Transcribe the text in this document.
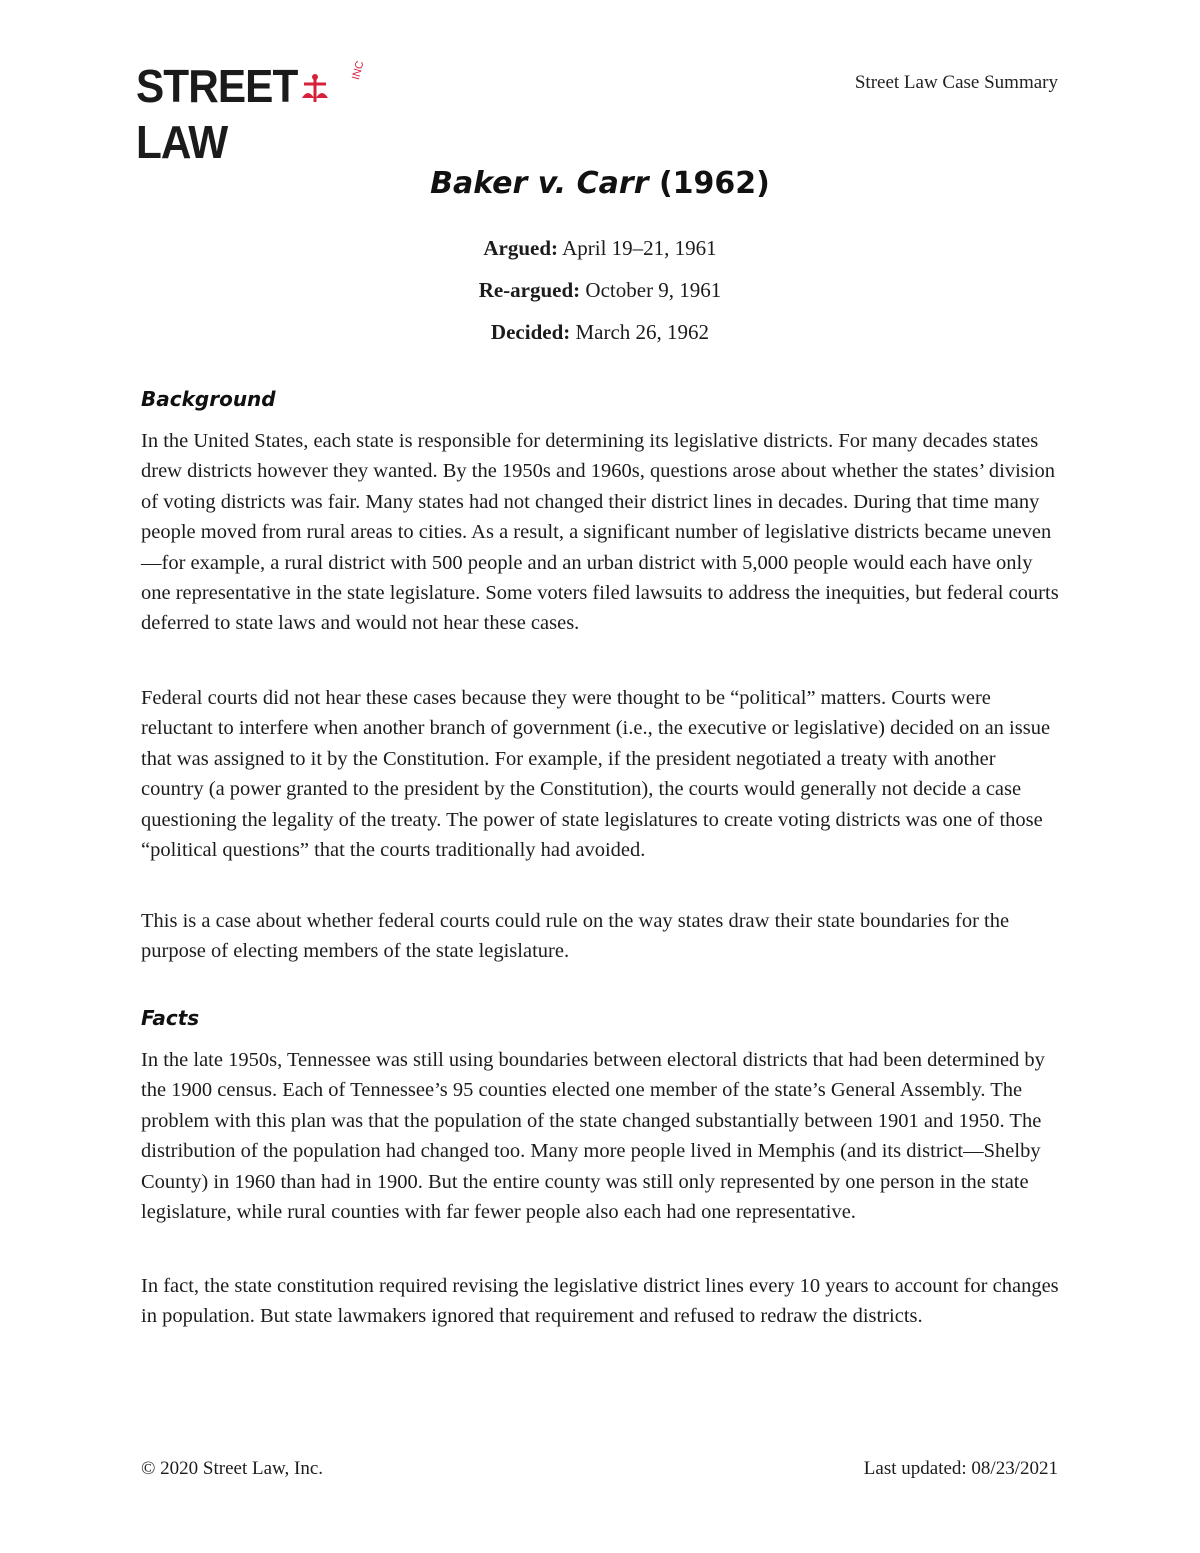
STREET LAW
INC
Street Law Case Summary
Baker v. Carr (1962)
Argued: April 19–21, 1961
Re-argued: October 9, 1961
Decided: March 26, 1962
Background

In the United States, each state is responsible for determining its legislative districts. For many decades states drew districts however they wanted. By the 1950s and 1960s, questions arose about whether the states’ division of voting districts was fair. Many states had not changed their district lines in decades. During that time many people moved from rural areas to cities. As a result, a significant number of legislative districts became uneven—for example, a rural district with 500 people and an urban district with 5,000 people would each have only one representative in the state legislature. Some voters filed lawsuits to address the inequities, but federal courts deferred to state laws and would not hear these cases.

Federal courts did not hear these cases because they were thought to be “political” matters. Courts were reluctant to interfere when another branch of government (i.e., the executive or legislative) decided on an issue that was assigned to it by the Constitution. For example, if the president negotiated a treaty with another country (a power granted to the president by the Constitution), the courts would generally not decide a case questioning the legality of the treaty. The power of state legislatures to create voting districts was one of those “political questions” that the courts traditionally had avoided.

This is a case about whether federal courts could rule on the way states draw their state boundaries for the purpose of electing members of the state legislature.

Facts

In the late 1950s, Tennessee was still using boundaries between electoral districts that had been determined by the 1900 census. Each of Tennessee’s 95 counties elected one member of the state’s General Assembly. The problem with this plan was that the population of the state changed substantially between 1901 and 1950. The distribution of the population had changed too. Many more people lived in Memphis (and its district—Shelby County) in 1960 than had in 1900. But the entire county was still only represented by one person in the state legislature, while rural counties with far fewer people also each had one representative.

In fact, the state constitution required revising the legislative district lines every 10 years to account for changes in population. But state lawmakers ignored that requirement and refused to redraw the districts.

© 2020 Street Law, Inc.	Last updated: 08/23/2021
